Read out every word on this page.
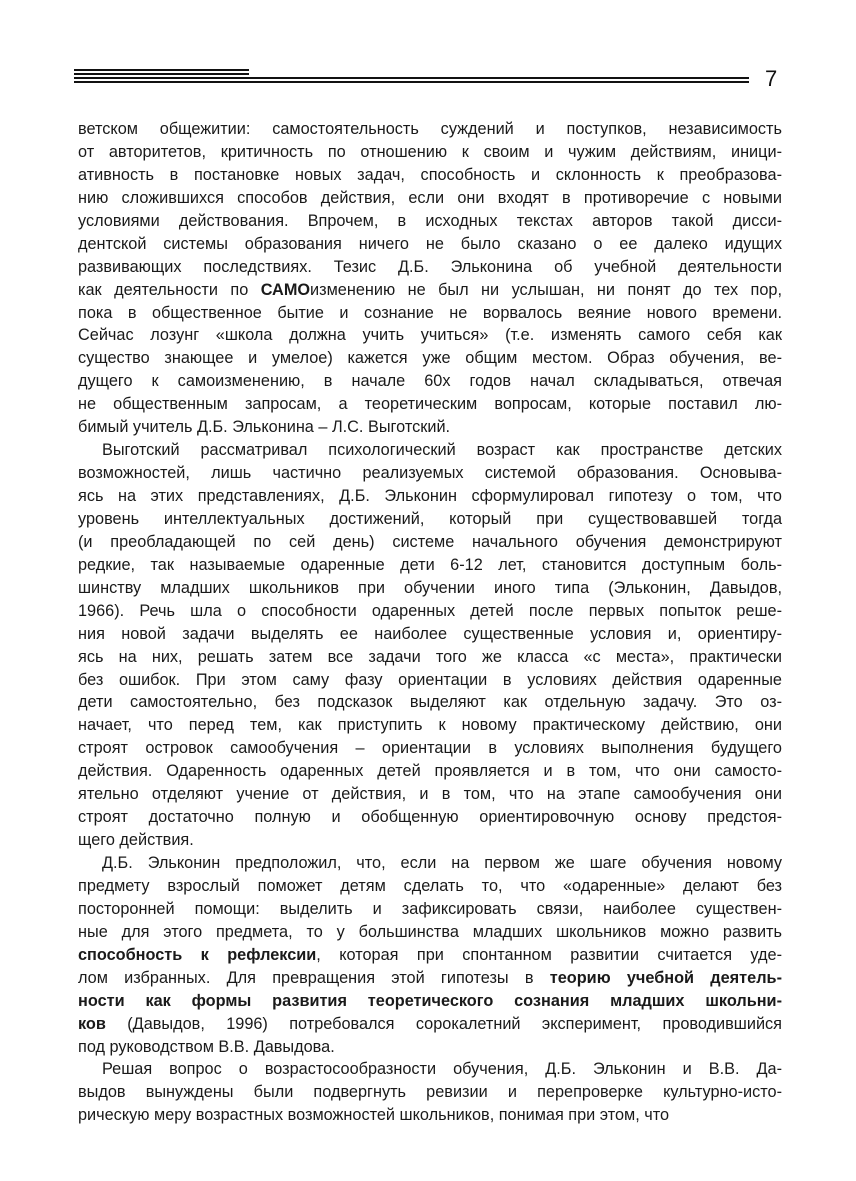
7
ветском общежитии: самостоятельность суждений и поступков, независимость
от авторитетов, критичность по отношению к своим и чужим действиям, иници-
ативность в постановке новых задач, способность и склонность к преобразова-
нию сложившихся способов действия, если они входят в противоречие с новыми
условиями действования. Впрочем, в исходных текстах авторов такой дисси-
дентской системы образования ничего не было сказано о ее далеко идущих
развивающих последствиях. Тезис Д.Б. Эльконина об учебной деятельности
как деятельности по САМОизменению не был ни услышан, ни понят до тех пор,
пока в общественное бытие и сознание не ворвалось веяние нового времени.
Сейчас лозунг «школа должна учить учиться» (т.е. изменять самого себя как
существо знающее и умелое) кажется уже общим местом. Образ обучения, ве-
дущего к самоизменению, в начале 60х годов начал складываться, отвечая
не общественным запросам, а теоретическим вопросам, которые поставил лю-
бимый учитель Д.Б. Эльконина – Л.С. Выготский.
Выготский рассматривал психологический возраст как пространстве детских
возможностей, лишь частично реализуемых системой образования. Основыва-
ясь на этих представлениях, Д.Б. Эльконин сформулировал гипотезу о том, что
уровень интеллектуальных достижений, который при существовавшей тогда
(и преобладающей по сей день) системе начального обучения демонстрируют
редкие, так называемые одаренные дети 6-12 лет, становится доступным боль-
шинству младших школьников при обучении иного типа (Эльконин, Давыдов,
1966). Речь шла о способности одаренных детей после первых попыток реше-
ния новой задачи выделять ее наиболее существенные условия и, ориентиру-
ясь на них, решать затем все задачи того же класса «с места», практически
без ошибок. При этом саму фазу ориентации в условиях действия одаренные
дети самостоятельно, без подсказок выделяют как отдельную задачу. Это оз-
начает, что перед тем, как приступить к новому практическому действию, они
строят островок самообучения – ориентации в условиях выполнения будущего
действия. Одаренность одаренных детей проявляется и в том, что они самосто-
ятельно отделяют учение от действия, и в том, что на этапе самообучения они
строят достаточно полную и обобщенную ориентировочную основу предстоя-
щего действия.
Д.Б. Эльконин предположил, что, если на первом же шаге обучения новому
предмету взрослый поможет детям сделать то, что «одаренные» делают без
посторонней помощи: выделить и зафиксировать связи, наиболее существен-
ные для этого предмета, то у большинства младших школьников можно развить
способность к рефлексии, которая при спонтанном развитии считается уде-
лом избранных. Для превращения этой гипотезы в теорию учебной деятель-
ности как формы развития теоретического сознания младших школьни-
ков (Давыдов, 1996) потребовался сорокалетний эксперимент, проводившийся
под руководством В.В. Давыдова.
Решая вопрос о возрастосообразности обучения, Д.Б. Эльконин и В.В. Да-
выдов вынуждены были подвергнуть ревизии и перепроверке культурно-исто-
рическую меру возрастных возможностей школьников, понимая при этом, что
